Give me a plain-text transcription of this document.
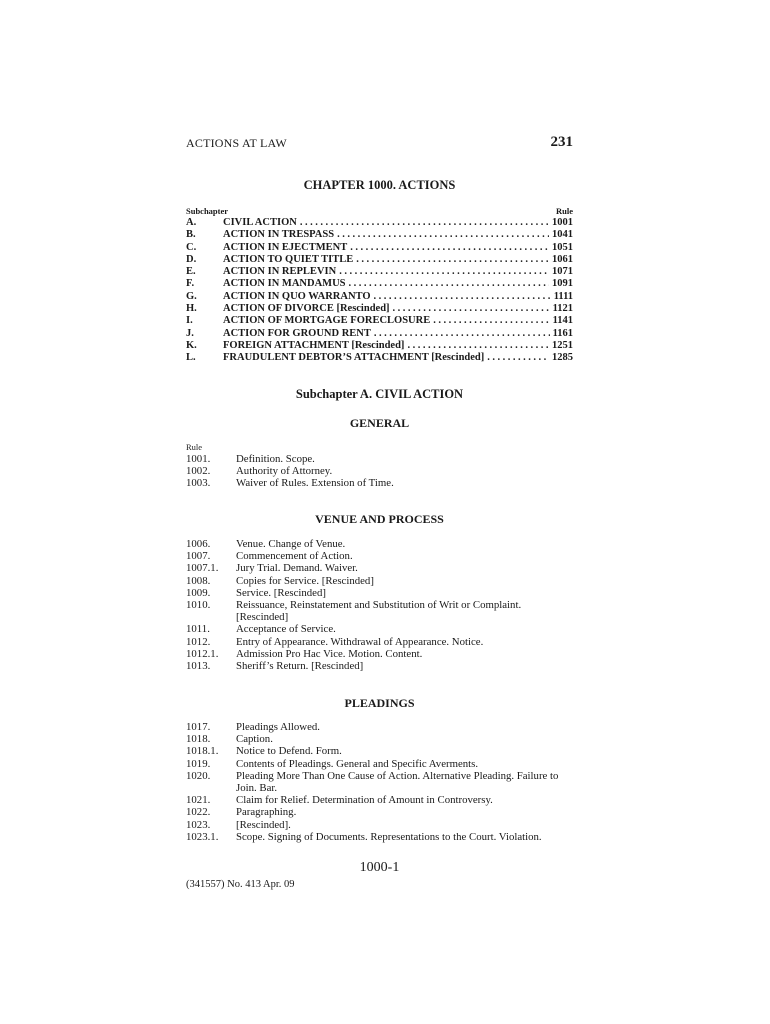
ACTIONS AT LAW	231
CHAPTER 1000. ACTIONS
Subchapter	Rule
A.	CIVIL ACTION .....	1001
B.	ACTION IN TRESPASS .....	1041
C.	ACTION IN EJECTMENT .....	1051
D.	ACTION TO QUIET TITLE .....	1061
E.	ACTION IN REPLEVIN .....	1071
F.	ACTION IN MANDAMUS .....	1091
G. ACTION IN QUO WARRANTO .....	1111
H. ACTION OF DIVORCE [Rescinded] .....	1121
I.	ACTION OF MORTGAGE FORECLOSURE .....	1141
J.	ACTION FOR GROUND RENT .....	1161
K. FOREIGN ATTACHMENT [Rescinded] .....	1251
L.	FRAUDULENT DEBTOR’S ATTACHMENT [Rescinded] .....	1285
Subchapter A. CIVIL ACTION
GENERAL
Rule
1001. Definition. Scope.
1002. Authority of Attorney.
1003. Waiver of Rules. Extension of Time.
VENUE AND PROCESS
1006. Venue. Change of Venue.
1007. Commencement of Action.
1007.1. Jury Trial. Demand. Waiver.
1008. Copies for Service. [Rescinded]
1009. Service. [Rescinded]
1010. Reissuance, Reinstatement and Substitution of Writ or Complaint. [Rescinded]
1011. Acceptance of Service.
1012. Entry of Appearance. Withdrawal of Appearance. Notice.
1012.1. Admission Pro Hac Vice. Motion. Content.
1013. Sheriff’s Return. [Rescinded]
PLEADINGS
1017. Pleadings Allowed.
1018. Caption.
1018.1. Notice to Defend. Form.
1019. Contents of Pleadings. General and Specific Averments.
1020. Pleading More Than One Cause of Action. Alternative Pleading. Failure to Join. Bar.
1021. Claim for Relief. Determination of Amount in Controversy.
1022. Paragraphing.
1023. [Rescinded].
1023.1. Scope. Signing of Documents. Representations to the Court. Violation.
1000-1
(341557) No. 413 Apr. 09
